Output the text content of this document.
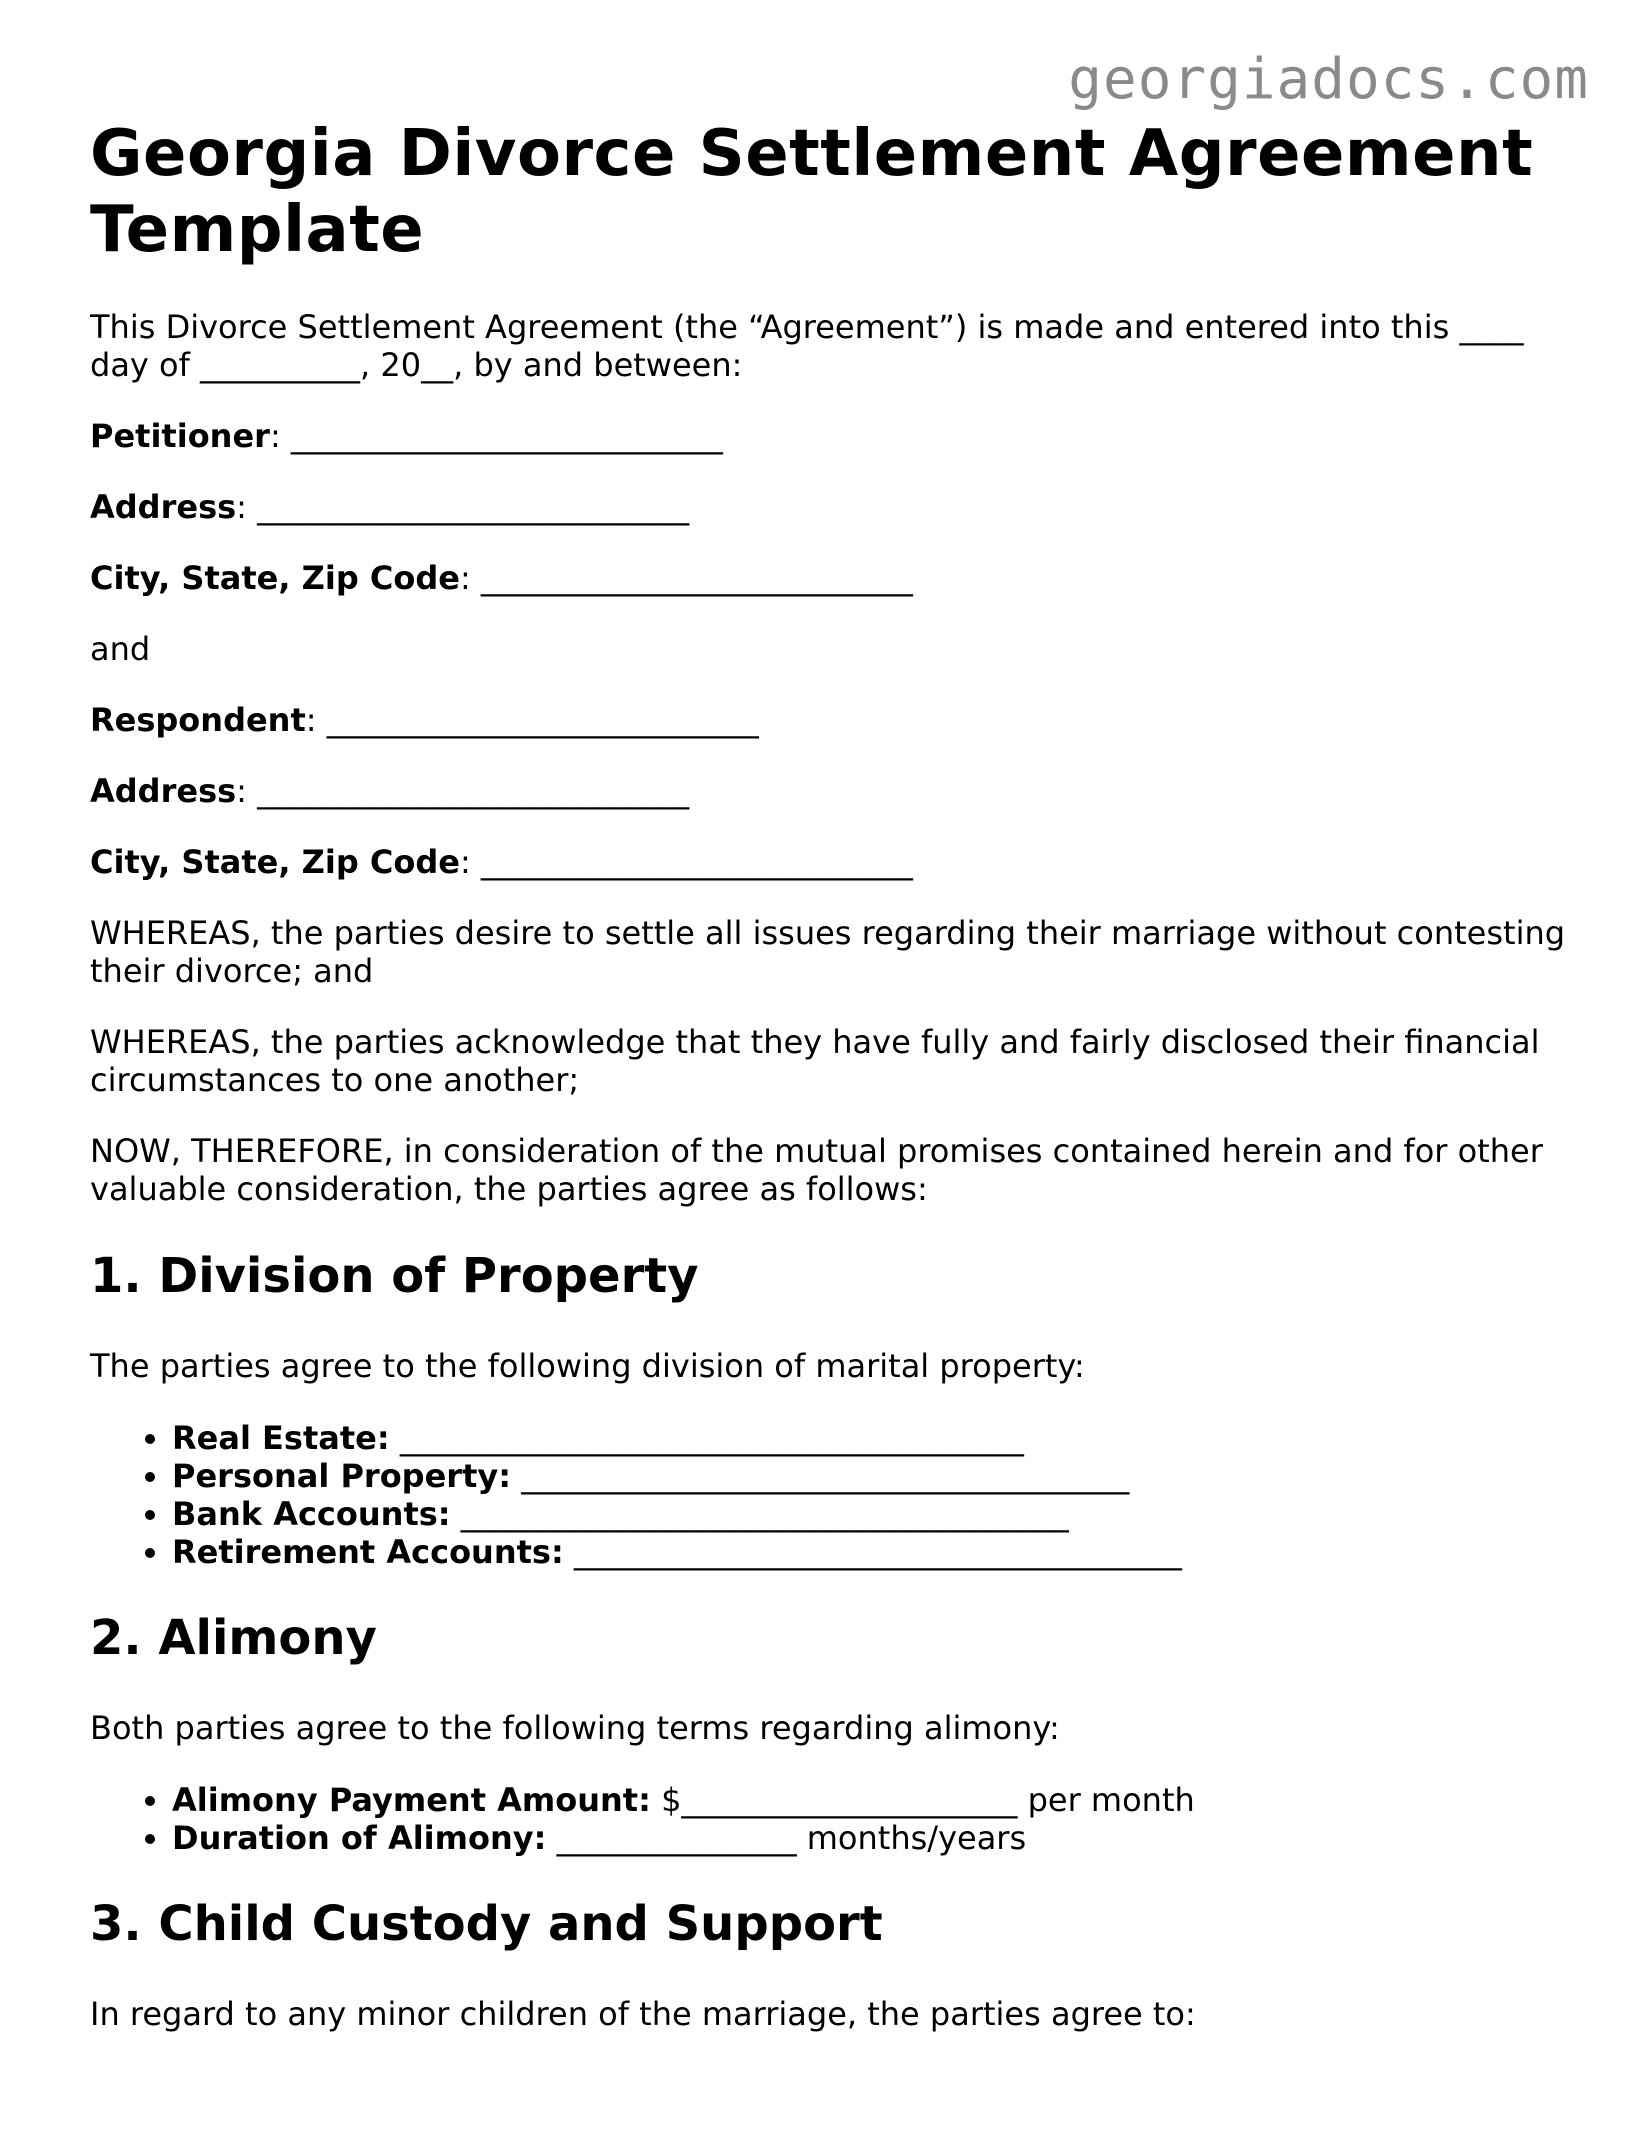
georgiadocs.com
Georgia Divorce Settlement Agreement Template

This Divorce Settlement Agreement (the “Agreement”) is made and entered into this ____ day of __________, 20__, by and between:

Petitioner: ___________________________

Address: ___________________________

City, State, Zip Code: ___________________________

and

Respondent: ___________________________

Address: ___________________________

City, State, Zip Code: ___________________________

WHEREAS, the parties desire to settle all issues regarding their marriage without contesting their divorce; and

WHEREAS, the parties acknowledge that they have fully and fairly disclosed their financial circumstances to one another;

NOW, THEREFORE, in consideration of the mutual promises contained herein and for other valuable consideration, the parties agree as follows:

1. Division of Property

The parties agree to the following division of marital property:

• Real Estate: _______________________________________
• Personal Property: ______________________________________
• Bank Accounts: ______________________________________
• Retirement Accounts: ______________________________________
2. Alimony

Both parties agree to the following terms regarding alimony:

• Alimony Payment Amount: $_____________________ per month
• Duration of Alimony: _______________ months/years
3. Child Custody and Support

In regard to any minor children of the marriage, the parties agree to:
